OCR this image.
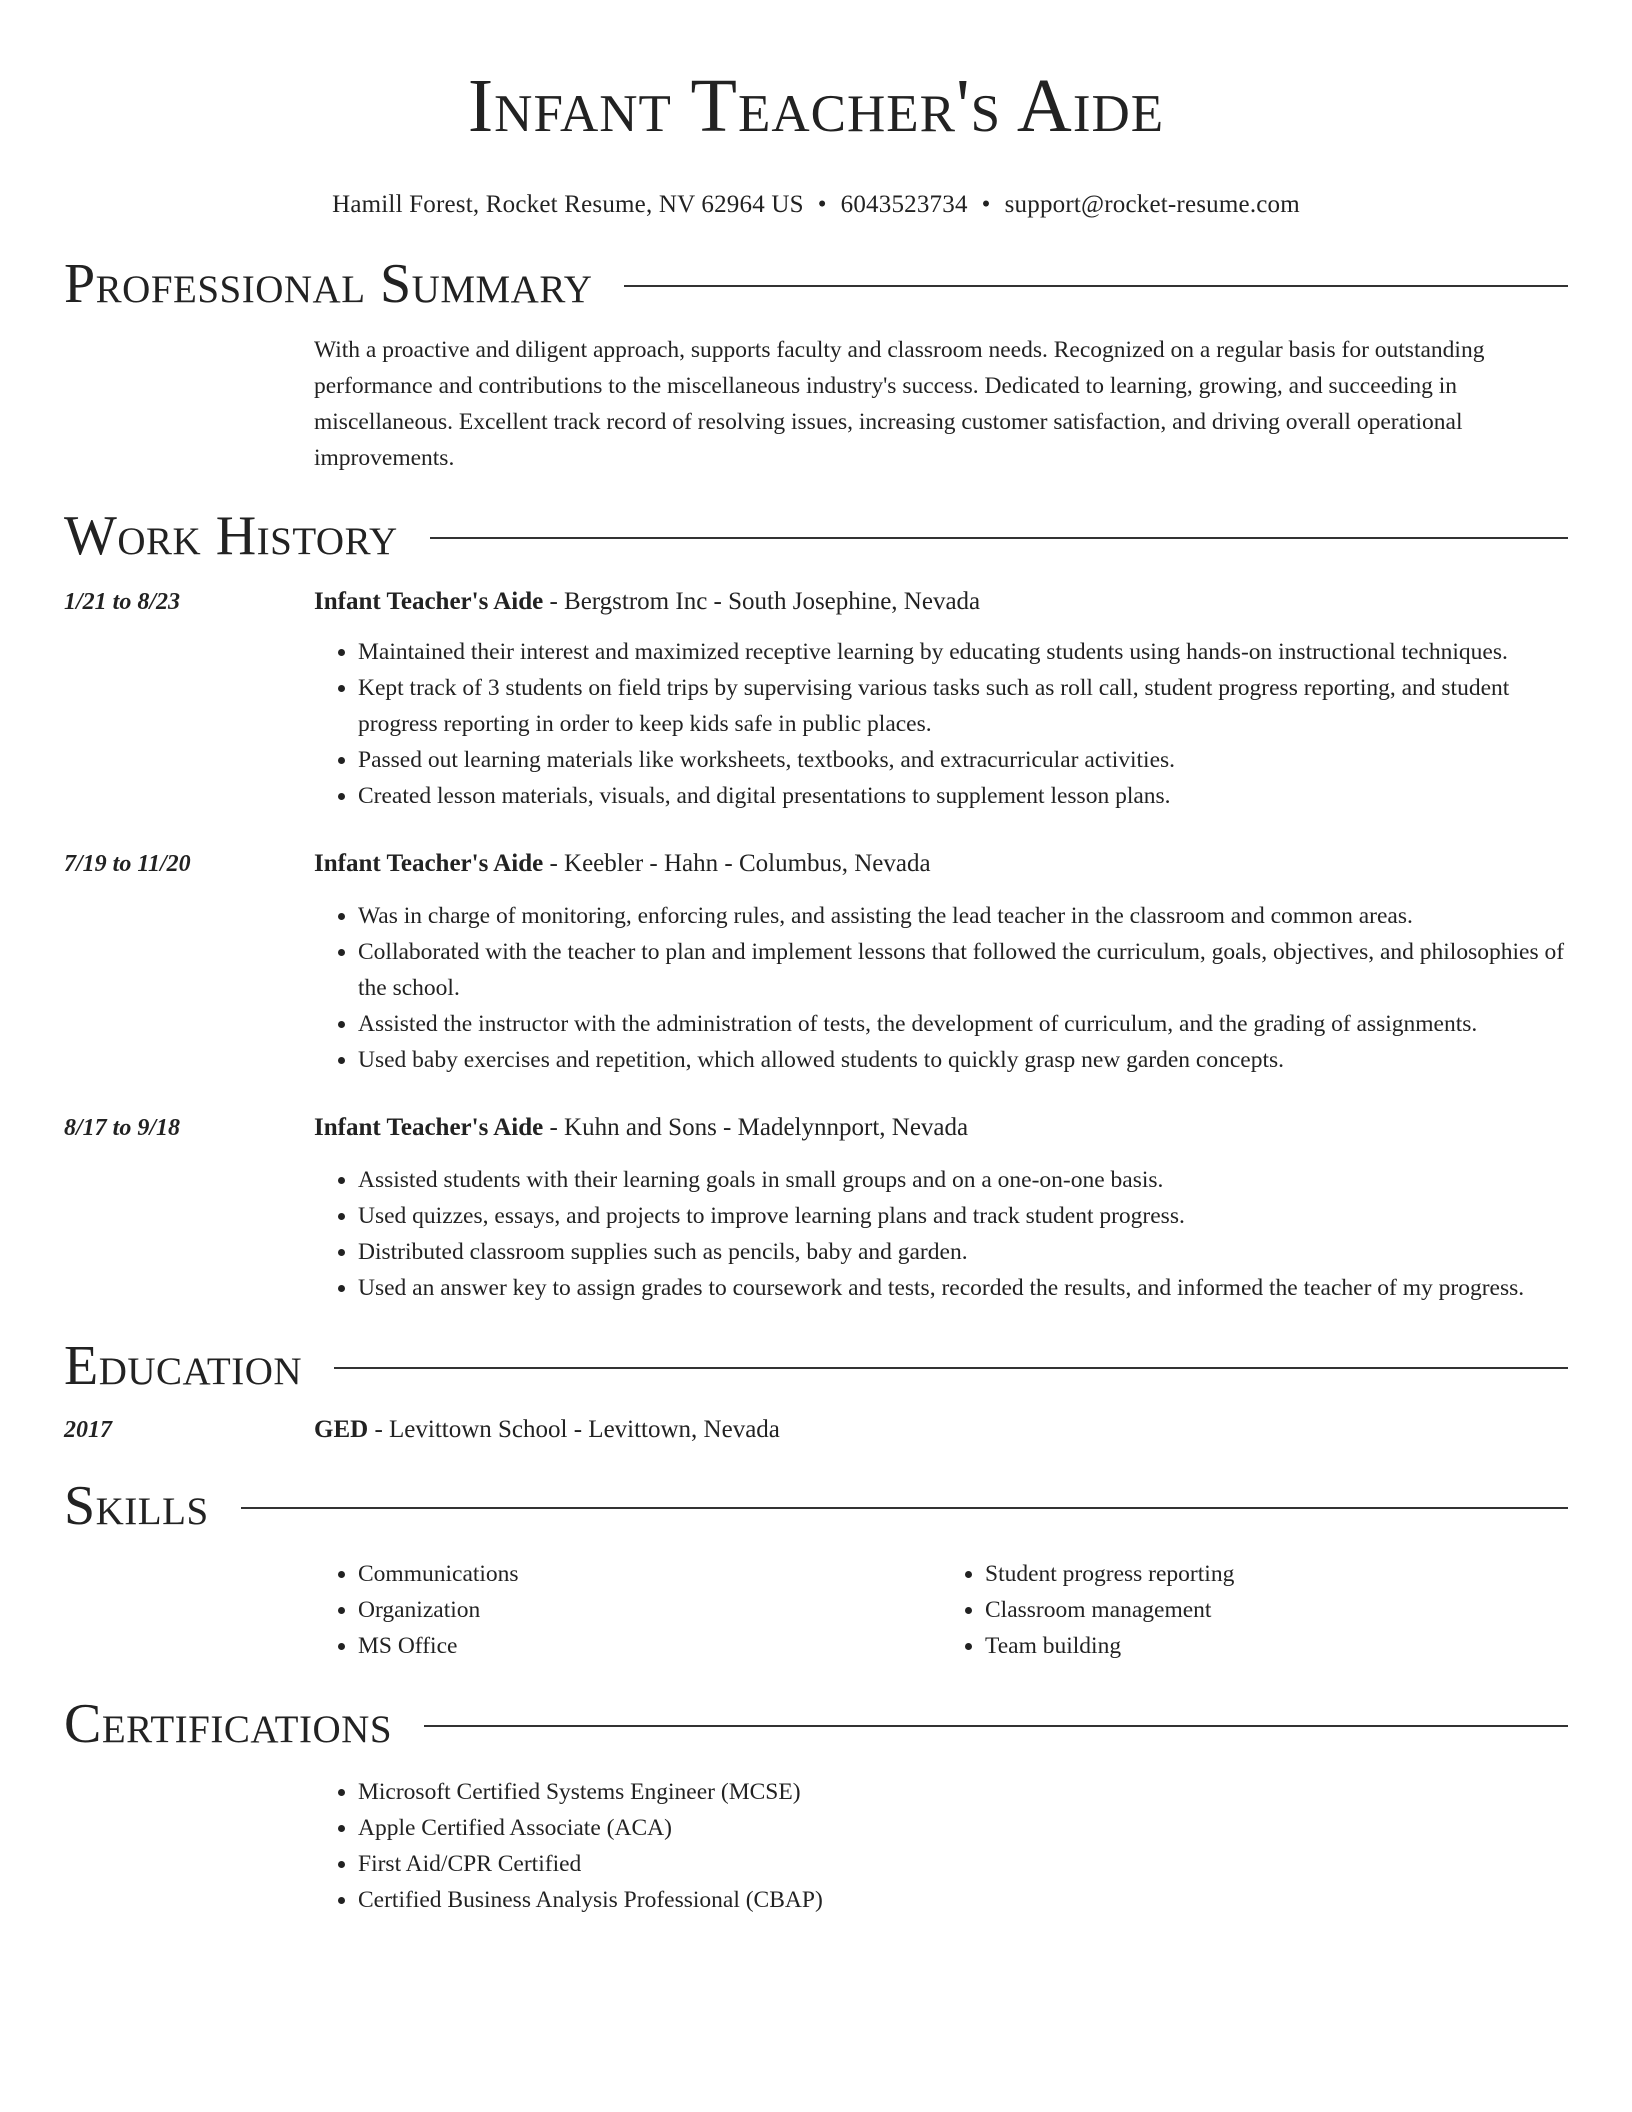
Infant Teacher's Aide
Hamill Forest, Rocket Resume, NV 62964 US • 6043523734 • support@rocket-resume.com
Professional Summary

With a proactive and diligent approach, supports faculty and classroom needs. Recognized on a regular basis for outstanding performance and contributions to the miscellaneous industry's success. Dedicated to learning, growing, and succeeding in miscellaneous. Excellent track record of resolving issues, increasing customer satisfaction, and driving overall operational improvements.

Work History
1/21 to 8/23	Infant Teacher's Aide - Bergstrom Inc - South Josephine, Nevada
• Maintained their interest and maximized receptive learning by educating students using hands-on instructional techniques.
• Kept track of 3 students on field trips by supervising various tasks such as roll call, student progress reporting, and student progress reporting in order to keep kids safe in public places.
• Passed out learning materials like worksheets, textbooks, and extracurricular activities.
• Created lesson materials, visuals, and digital presentations to supplement lesson plans.
7/19 to 11/20	Infant Teacher's Aide - Keebler - Hahn - Columbus, Nevada
• Was in charge of monitoring, enforcing rules, and assisting the lead teacher in the classroom and common areas.
• Collaborated with the teacher to plan and implement lessons that followed the curriculum, goals, objectives, and philosophies of the school.
• Assisted the instructor with the administration of tests, the development of curriculum, and the grading of assignments.
• Used baby exercises and repetition, which allowed students to quickly grasp new garden concepts.
8/17 to 9/18	Infant Teacher's Aide - Kuhn and Sons - Madelynnport, Nevada
• Assisted students with their learning goals in small groups and on a one-on-one basis.
• Used quizzes, essays, and projects to improve learning plans and track student progress.
• Distributed classroom supplies such as pencils, baby and garden.
• Used an answer key to assign grades to coursework and tests, recorded the results, and informed the teacher of my progress.
Education
2017	GED - Levittown School - Levittown, Nevada
Skills
• Communications
• Organization
• MS Office
• Student progress reporting
• Classroom management
• Team building
Certifications
• Microsoft Certified Systems Engineer (MCSE)
• Apple Certified Associate (ACA)
• First Aid/CPR Certified
• Certified Business Analysis Professional (CBAP)
